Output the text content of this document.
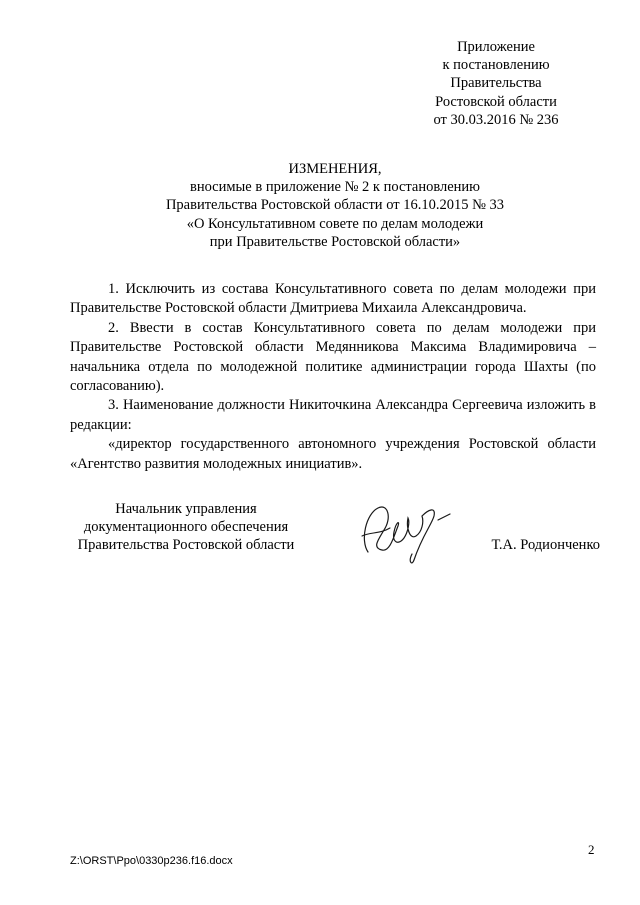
Приложение
к постановлению
Правительства
Ростовской области
от 30.03.2016 № 236
ИЗМЕНЕНИЯ,
вносимые в приложение № 2 к постановлению
Правительства Ростовской области от 16.10.2015 № 33
«О Консультативном совете по делам молодежи
при Правительстве Ростовской области»

1. Исключить из состава Консультативного совета по делам молодежи при Правительстве Ростовской области Дмитриева Михаила Александровича.

2. Ввести в состав Консультативного совета по делам молодежи при Правительстве Ростовской области Медянникова Максима Владимировича – начальника отдела по молодежной политике администрации города Шахты (по согласованию).

3. Наименование должности Никиточкина Александра Сергеевича изложить в редакции:

«директор государственного автономного учреждения Ростовской области «Агентство развития молодежных инициатив».

Начальник управления
документационного обеспечения
Правительства Ростовской области	Т.А. Родионченко
2
Z:\ORST\Ppo\0330p236.f16.docx
